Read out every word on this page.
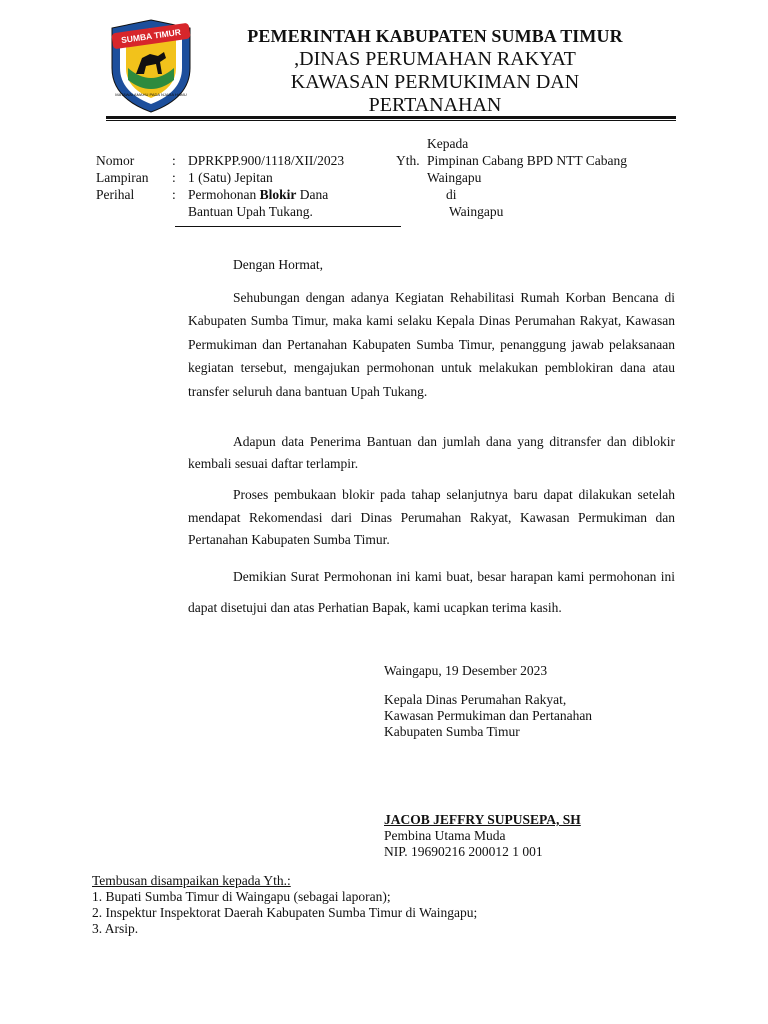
SUMBA TIMUR
MATAWAI AMAHU PADA NJARA HAMU
PEMERINTAH KABUPATEN SUMBA TIMUR
,DINAS PERUMAHAN RAKYAT
KAWASAN PERMUKIMAN DAN
PERTANAHAN
Nomor
Lampiran
Perihal
:
:
:
DPRKPP.900/1118/XII/2023
1 (Satu) Jepitan
Permohonan Blokir Dana
Bantuan Upah Tukang.
Kepada
Yth. Pimpinan Cabang BPD NTT Cabang
Waingapu
di
Waingapu
Dengan Hormat,

Sehubungan dengan adanya Kegiatan Rehabilitasi Rumah Korban Bencana di Kabupaten Sumba Timur, maka kami selaku Kepala Dinas Perumahan Rakyat, Kawasan Permukiman dan Pertanahan Kabupaten Sumba Timur, penanggung jawab pelaksanaan kegiatan tersebut, mengajukan permohonan untuk melakukan pemblokiran dana atau transfer seluruh dana bantuan Upah Tukang.

Adapun data Penerima Bantuan dan jumlah dana yang ditransfer dan diblokir kembali sesuai daftar terlampir.

Proses pembukaan blokir pada tahap selanjutnya baru dapat dilakukan setelah mendapat Rekomendasi dari Dinas Perumahan Rakyat, Kawasan Permukiman dan Pertanahan Kabupaten Sumba Timur.

Demikian Surat Permohonan ini kami buat, besar harapan kami permohonan ini dapat disetujui dan atas Perhatian Bapak, kami ucapkan terima kasih.

Waingapu, 19 Desember 2023
Kepala Dinas Perumahan Rakyat,
Kawasan Permukiman dan Pertanahan
Kabupaten Sumba Timur
JACOB JEFFRY SUPUSEPA, SH
Pembina Utama Muda
NIP. 19690216 200012 1 001
Tembusan disampaikan kepada Yth.:
1. Bupati Sumba Timur di Waingapu (sebagai laporan);
2. Inspektur Inspektorat Daerah Kabupaten Sumba Timur di Waingapu;
3. Arsip.
